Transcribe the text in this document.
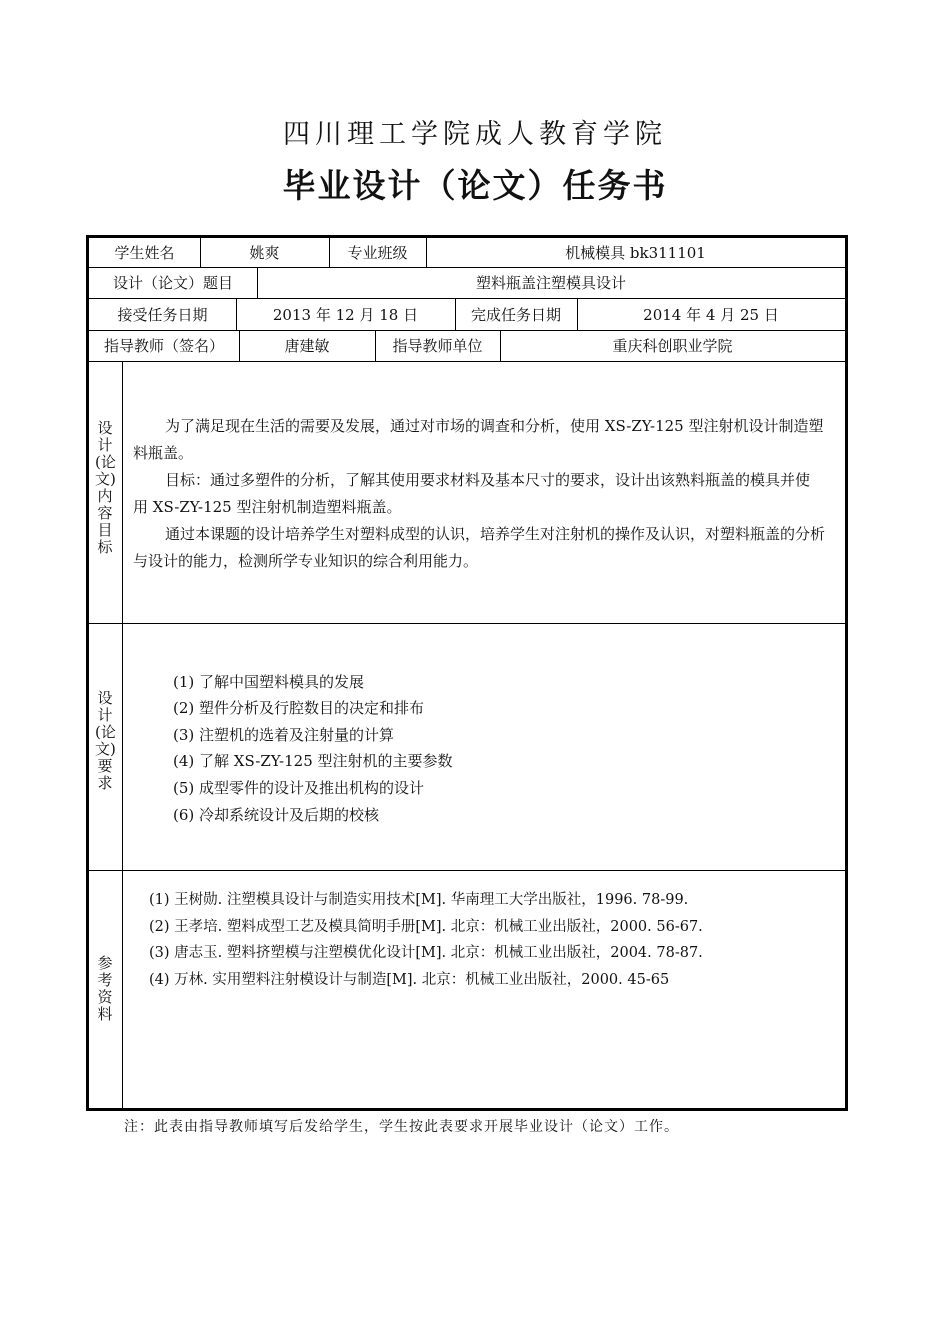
四川理工学院成人教育学院
毕业设计（论文）任务书
学生姓名	姚爽	专业班级	机械模具 bk311101
设计（论文）题目	塑料瓶盖注塑模具设计
接受任务日期	2013 年 12 月 18 日	完成任务日期	2014 年 4 月 25 日
指导教师（签名）	唐建敏	指导教师单位	重庆科创职业学院
设计(论文)内容目标
为了满足现在生活的需要及发展，通过对市场的调查和分析，使用 XS-ZY-125 型注射机设计制造塑料瓶盖。
目标：通过多塑件的分析，了解其使用要求材料及基本尺寸的要求，设计出该熟料瓶盖的模具并使用 XS-ZY-125 型注射机制造塑料瓶盖。
通过本课题的设计培养学生对塑料成型的认识，培养学生对注射机的操作及认识，对塑料瓶盖的分析与设计的能力，检测所学专业知识的综合利用能力。
设计(论文)要求
(1) 了解中国塑料模具的发展
(2) 塑件分析及行腔数目的决定和排布
(3) 注塑机的选着及注射量的计算
(4) 了解 XS-ZY-125 型注射机的主要参数
(5) 成型零件的设计及推出机构的设计
(6) 冷却系统设计及后期的校核
参考资料
(1) 王树勋. 注塑模具设计与制造实用技术[M]. 华南理工大学出版社，1996. 78-99.
(2) 王孝培. 塑料成型工艺及模具简明手册[M]. 北京：机械工业出版社，2000. 56-67.
(3) 唐志玉. 塑料挤塑模与注塑模优化设计[M]. 北京：机械工业出版社，2004. 78-87.
(4) 万林. 实用塑料注射模设计与制造[M]. 北京：机械工业出版社，2000. 45-65
注：此表由指导教师填写后发给学生，学生按此表要求开展毕业设计（论文）工作。
